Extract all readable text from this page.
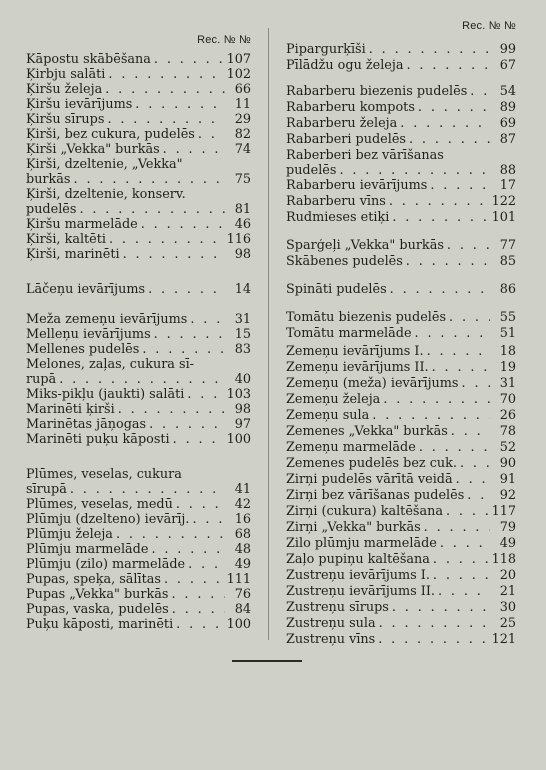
Rec. № №
Kāpostu skābēšana . . .	107
Ķirbju salāti . . .	102
Ķiršu želeja . . .	66
Ķiršu ievārījums . . .	11
Ķiršu sīrups . . .	29
Ķirši, bez cukura, pudelēs . . .	82
Ķirši „Vekka" burkās . . .	74
Ķirši, dzeltenie, „Vekka"
burkās . . .	75
Ķirši, dzeltenie, konserv.
pudelēs . . .	81
Ķiršu marmelāde . . .	46
Ķirši, kaltēti . . .	116
Ķirši, marinēti . . .	98
Lāčeņu ievārījums . . .	14
Meža zemeņu ievārījums . . .	31
Melleņu ievārījums . . .	15
Mellenes pudelēs . . .	83
Melones, zaļas, cukura sī-
rupā . . .	40
Miks-pikļu (jaukti) salāti . . .	103
Marinēti ķirši . . .	98
Marinētas jāņogas . . .	97
Marinēti puķu kāposti . . .	100
Plūmes, veselas, cukura
sīrupā . . .	41
Plūmes, veselas, medū . . .	42
Plūmju (dzelteno) ievārīj. . . .	16
Plūmju želeja . . .	68
Plūmju marmelāde . . .	48
Plūmju (zilo) marmelāde . . .	49
Pupas, speķa, sālītas . . .	111
Pupas „Vekka" burkās . . .	76
Pupas, vaska, pudelēs . . .	84
Puķu kāposti, marinēti . . .	100
Rec. № №
Pipargurķīši . . .	99
Pīlādžu ogu želeja . . .	67
Rabarberu biezenis pudelēs . . .	54
Rabarberu kompots . . .	89
Rabarberu želeja . . .	69
Rabarberi pudelēs . . .	87
Raberberi bez vārīšanas
pudelēs . . .	88
Rabarberu ievārījums . . .	17
Rabarberu vīns . . .	122
Rudmieses etiķi . . .	101
Sparģeļi „Vekka" burkās . . .	77
Skābenes pudelēs . . .	85
Spināti pudelēs . . .	86
Tomātu biezenis pudelēs . . .	55
Tomātu marmelāde . . .	51
Zemeņu ievārījums I. . . .	18
Zemeņu ievārījums II. . . .	19
Zemeņu (meža) ievārījums . . .	31
Zemeņu želeja . . .	70
Zemeņu sula . . .	26
Zemenes „Vekka" burkās . . .	78
Zemeņu marmelāde . . .	52
Zemenes pudelēs bez cuk. . . .	90
Zirņi pudelēs vārītā veidā . . .	91
Zirņi bez vārīšanas pudelēs . . .	92
Zirņi (cukura) kaltēšana . . .	117
Zirņi „Vekka" burkās . . .	79
Zilo plūmju marmelāde . . .	49
Zaļo pupiņu kaltēšana . . .	118
Zustreņu ievārījums I. . . .	20
Zustreņu ievārījums II. . . .	21
Zustreņu sīrups . . .	30
Zustreņu sula . . .	25
Zustreņu vīns . . .	121
